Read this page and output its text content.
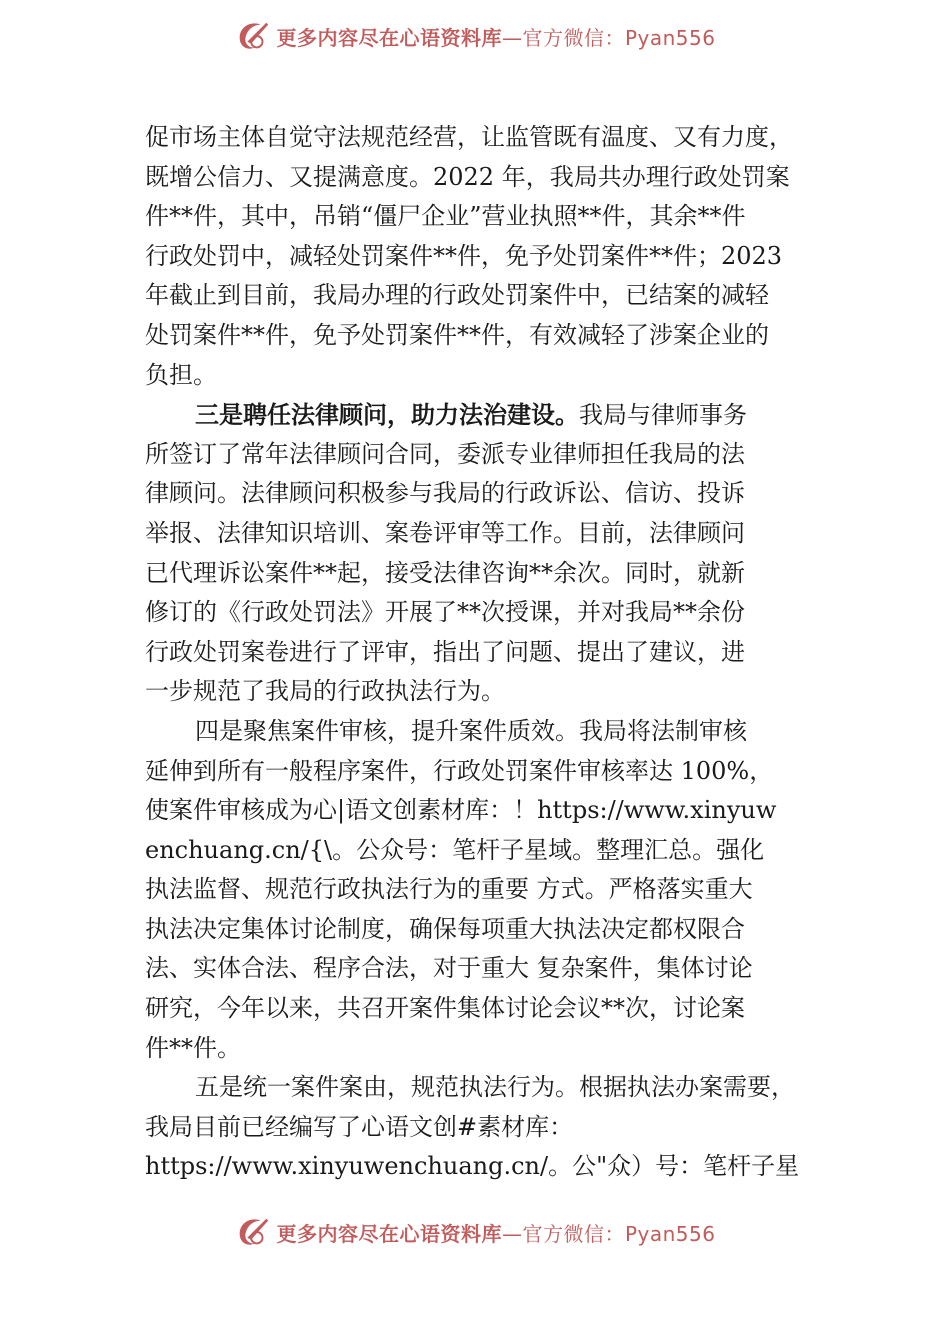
更多内容尽在心语资料库—官方微信：Pyan556
促市场主体自觉守法规范经营，让监管既有温度、又有力度，
既增公信力、又提满意度。2022 年，我局共办理行政处罚案
件**件，其中，吊销“僵尸企业”营业执照**件，其余**件
行政处罚中，减轻处罚案件**件，免予处罚案件**件；2023
年截止到目前，我局办理的行政处罚案件中，已结案的减轻
处罚案件**件，免予处罚案件**件，有效减轻了涉案企业的
负担。
三是聘任法律顾问，助力法治建设。我局与律师事务
所签订了常年法律顾问合同，委派专业律师担任我局的法
律顾问。法律顾问积极参与我局的行政诉讼、信访、投诉
举报、法律知识培训、案卷评审等工作。目前，法律顾问
已代理诉讼案件**起，接受法律咨询**余次。同时，就新
修订的《行政处罚法》开展了**次授课，并对我局**余份
行政处罚案卷进行了评审，指出了问题、提出了建议，进
一步规范了我局的行政执法行为。
四是聚焦案件审核，提升案件质效。我局将法制审核
延伸到所有一般程序案件，行政处罚案件审核率达 100%，
使案件审核成为心|语文创素材库：！https://www.xinyuw
enchuang.cn/{\。公众号：笔杆子星域。整理汇总。强化
执法监督、规范行政执法行为的重要 方式。严格落实重大
执法决定集体讨论制度，确保每项重大执法决定都权限合
法、实体合法、程序合法，对于重大 复杂案件，集体讨论
研究，今年以来，共召开案件集体讨论会议**次，讨论案
件**件。
五是统一案件案由，规范执法行为。根据执法办案需要，
我局目前已经编写了心语文创#素材库：
https://www.xinyuwenchuang.cn/。公"众）号：笔杆子星
更多内容尽在心语资料库—官方微信：Pyan556
